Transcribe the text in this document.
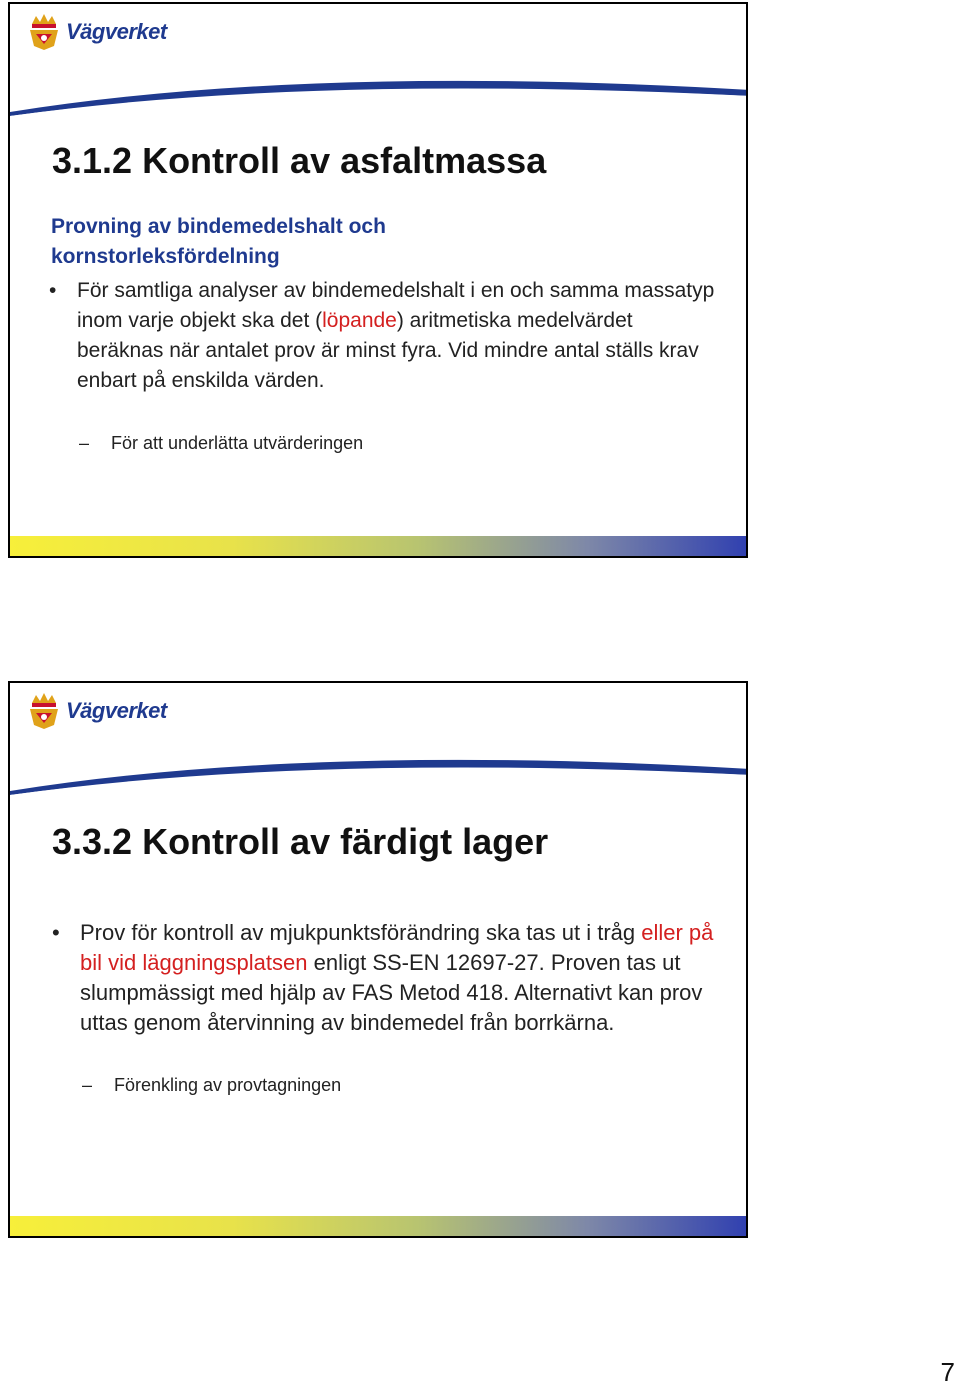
Vägverket
3.1.2 Kontroll av asfaltmassa
Provning av bindemedelshalt och
kornstorleksfördelning
• För samtliga analyser av bindemedelshalt i en och samma massatyp inom varje objekt ska det (löpande) aritmetiska medelvärdet beräknas när antalet prov är minst fyra. Vid mindre antal ställs krav enbart på enskilda värden.
– För att underlätta utvärderingen
Vägverket
3.3.2 Kontroll av färdigt lager
• Prov för kontroll av mjukpunktsförändring ska tas ut i tråg eller på bil vid läggningsplatsen enligt SS-EN 12697-27. Proven tas ut slumpmässigt med hjälp av FAS Metod 418. Alternativt kan prov uttas genom återvinning av bindemedel från borrkärna.
– Förenkling av provtagningen
7
